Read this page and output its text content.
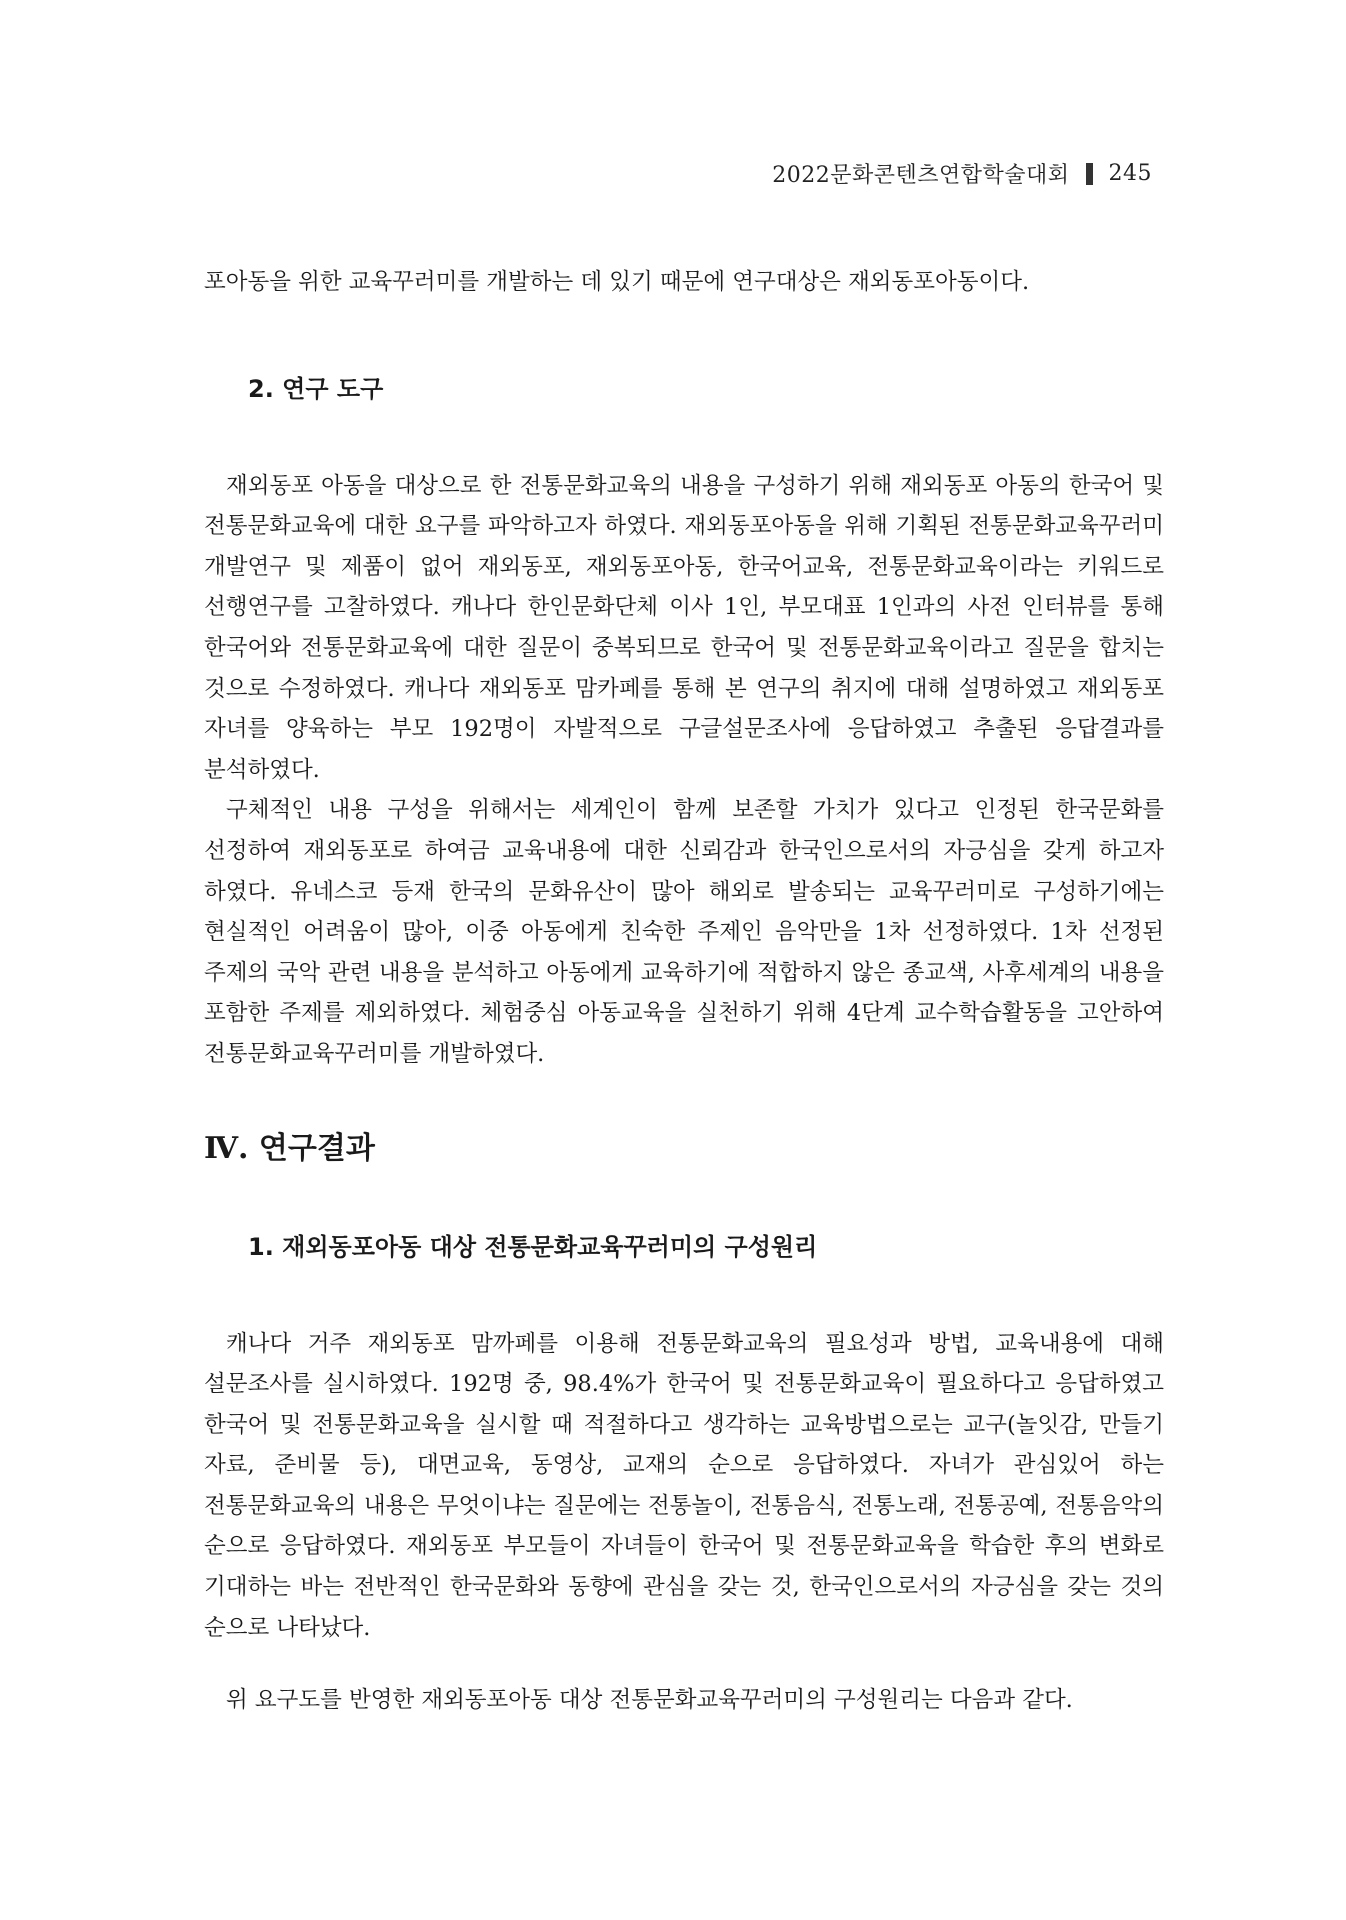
2022문화콘텐츠연합학술대회 245

포아동을 위한 교육꾸러미를 개발하는 데 있기 때문에 연구대상은 재외동포아동이다.

2. 연구 도구

재외동포 아동을 대상으로 한 전통문화교육의 내용을 구성하기 위해 재외동포 아동의 한국어 및 전통문화교육에 대한 요구를 파악하고자 하였다. 재외동포아동을 위해 기획된 전통문화교육꾸러미 개발연구 및 제품이 없어 재외동포, 재외동포아동, 한국어교육, 전통문화교육이라는 키워드로 선행연구를 고찰하였다. 캐나다 한인문화단체 이사 1인, 부모대표 1인과의 사전 인터뷰를 통해 한국어와 전통문화교육에 대한 질문이 중복되므로 한국어 및 전통문화교육이라고 질문을 합치는 것으로 수정하였다. 캐나다 재외동포 맘카페를 통해 본 연구의 취지에 대해 설명하였고 재외동포 자녀를 양육하는 부모 192명이 자발적으로 구글설문조사에 응답하였고 추출된 응답결과를 분석하였다.

구체적인 내용 구성을 위해서는 세계인이 함께 보존할 가치가 있다고 인정된 한국문화를 선정하여 재외동포로 하여금 교육내용에 대한 신뢰감과 한국인으로서의 자긍심을 갖게 하고자 하였다. 유네스코 등재 한국의 문화유산이 많아 해외로 발송되는 교육꾸러미로 구성하기에는 현실적인 어려움이 많아, 이중 아동에게 친숙한 주제인 음악만을 1차 선정하였다. 1차 선정된 주제의 국악 관련 내용을 분석하고 아동에게 교육하기에 적합하지 않은 종교색, 사후세계의 내용을 포함한 주제를 제외하였다. 체험중심 아동교육을 실천하기 위해 4단계 교수학습활동을 고안하여 전통문화교육꾸러미를 개발하였다.

Ⅳ. 연구결과
1. 재외동포아동 대상 전통문화교육꾸러미의 구성원리

캐나다 거주 재외동포 맘까페를 이용해 전통문화교육의 필요성과 방법, 교육내용에 대해 설문조사를 실시하였다. 192명 중, 98.4%가 한국어 및 전통문화교육이 필요하다고 응답하였고 한국어 및 전통문화교육을 실시할 때 적절하다고 생각하는 교육방법으로는 교구(놀잇감, 만들기 자료, 준비물 등), 대면교육, 동영상, 교재의 순으로 응답하였다. 자녀가 관심있어 하는 전통문화교육의 내용은 무엇이냐는 질문에는 전통놀이, 전통음식, 전통노래, 전통공예, 전통음악의 순으로 응답하였다. 재외동포 부모들이 자녀들이 한국어 및 전통문화교육을 학습한 후의 변화로 기대하는 바는 전반적인 한국문화와 동향에 관심을 갖는 것, 한국인으로서의 자긍심을 갖는 것의 순으로 나타났다.

위 요구도를 반영한 재외동포아동 대상 전통문화교육꾸러미의 구성원리는 다음과 같다.
